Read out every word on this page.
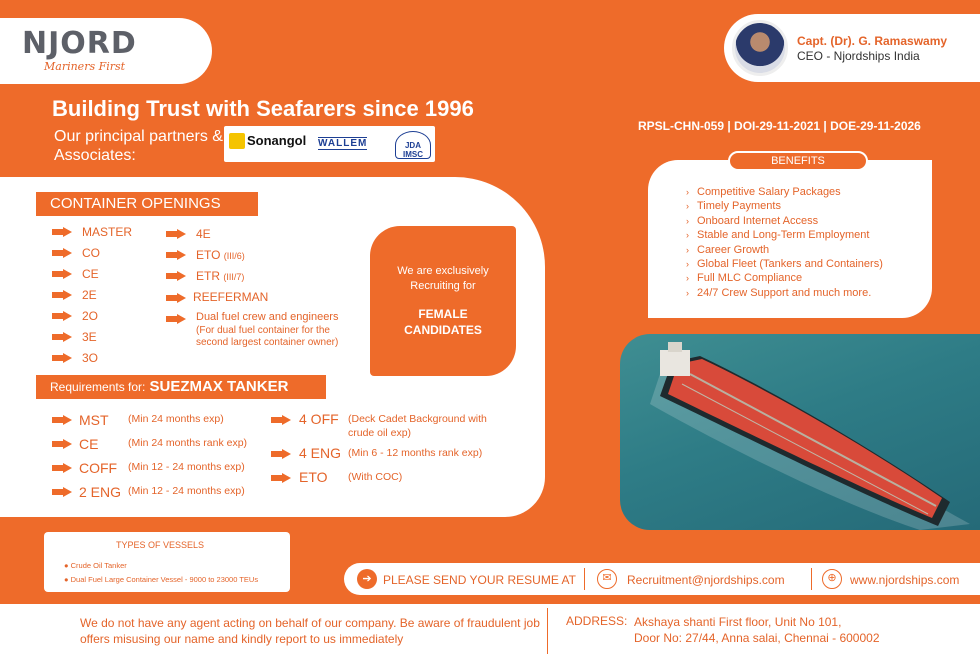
NJORD
Mariners First
Capt. (Dr). G. Ramaswamy
CEO - Njordships India
Building Trust with Seafarers since 1996
Our principal partners & Associates:
Sonangol WALLEM	JDA IMSC
RPSL-CHN-059 | DOI-29-11-2021 | DOE-29-11-2026
BENEFITS
› Competitive Salary Packages
› Timely Payments
› Onboard Internet Access
› Stable and Long-Term Employment
› Career Growth
› Global Fleet (Tankers and Containers)
› Full MLC Compliance
› 24/7 Crew Support and much more.
CONTAINER OPENINGS
MASTER
CO
CE
2E
2O
3E
3O
4E
ETO (III/6)
ETR (III/7)
REEFERMAN
Dual fuel crew and engineers
(For dual fuel container for the
second largest container owner)
We are exclusively Recruiting for
FEMALE CANDIDATES
Requirements for: SUEZMAX TANKER
MST (Min 24 months exp)
CE	(Min 24 months rank exp)
COFF (Min 12 - 24 months exp)
2 ENG (Min 12 - 24 months exp)
4 OFF (Deck Cadet Background with
crude oil exp)
4 ENG (Min 6 - 12 months rank exp)
ETO (With COC)
TYPES OF VESSELS
● Crude Oil Tanker
● Dual Fuel Large Container Vessel - 9000 to 23000 TEUs	➔ PLEASE SEND YOUR RESUME AT	✉	Recruitment@njordships.com	⊕	www.njordships.com
We do not have any agent acting on behalf of our company. Be aware of fraudulent job offers misusing our name and kindly report to us immediately
ADDRESS: Akshaya shanti First floor, Unit No 101,
Door No: 27/44, Anna salai, Chennai - 600002
